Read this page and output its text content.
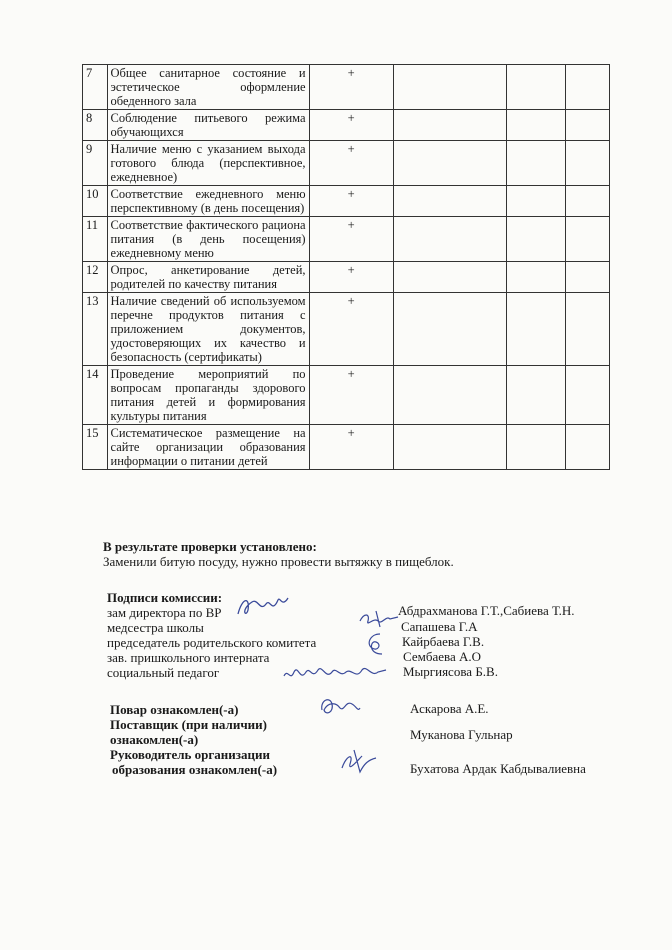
7	Общее санитарное состояние и эстетическое оформление обеденного зала	+			
8	Соблюдение питьевого режима обучающихся	+			
9	Наличие меню с указанием выхода готового блюда (перспективное, ежедневное)	+			
10	Соответствие ежедневного меню перспективному (в день посещения)	+			
11	Соответствие фактического рациона питания (в день посещения) ежедневному меню	+			
12	Опрос, анкетирование детей, родителей по качеству питания	+			
13	Наличие сведений об используемом перечне продуктов питания с приложением документов, удостоверяющих их качество и безопасность (сертификаты)	+			
14	Проведение мероприятий по вопросам пропаганды здорового питания детей и формирования культуры питания	+			
15	Систематическое размещение на сайте организации образования информации о питании детей	+			
В результате проверки установлено:
Заменили битую посуду, нужно провести вытяжку в пищеблок.
Подписи комиссии:
зам директора по ВР	Абдрахманова Г.Т.,Сабиева Т.Н.
медсестра школы	Сапашева Г.А
председатель родительского комитета	Кайрбаева Г.В.
зав. пришкольного интерната	Сембаева А.О
социальный педагог	Мыргиясова Б.В.
Повар ознакомлен(-а)	Аскарова А.Е.
Поставщик (при наличии)
ознакомлен(-а)	Муканова Гульнар
Руководитель организации
образования ознакомлен(-а)	Бухатова Ардак Кабдывалиевна
